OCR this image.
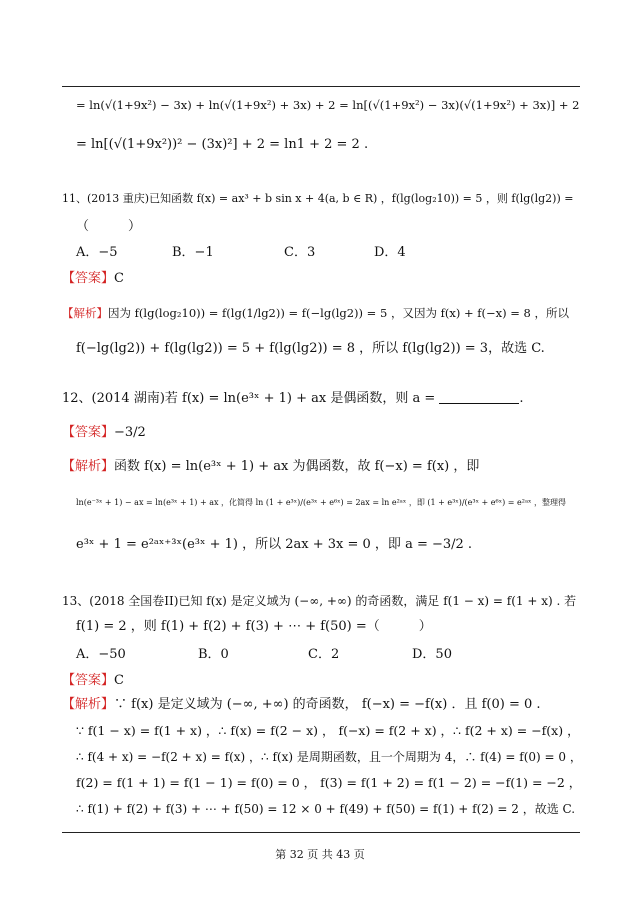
= ln(√(1+9x²) − 3x) + ln(√(1+9x²) + 3x) + 2 = ln[(√(1+9x²) − 3x)(√(1+9x²) + 3x)] + 2
= ln[(√(1+9x²))² − (3x)²] + 2 = ln1 + 2 = 2 .
11、(2013 重庆)已知函数 f(x) = ax³ + b sin x + 4(a, b ∈ R) ，f(lg(log₂10)) = 5 ，则 f(lg(lg2)) =
（　　　）
A．−5	B．−1	C．3	D．4
【答案】C
【解析】因为 f(lg(log₂10)) = f(lg(1/lg2)) = f(−lg(lg2)) = 5 ，又因为 f(x) + f(−x) = 8 ，所以
f(−lg(lg2)) + f(lg(lg2)) = 5 + f(lg(lg2)) = 8 ，所以 f(lg(lg2)) = 3，故选 C.
12、(2014 湖南)若 f(x) = ln(e³ˣ + 1) + ax 是偶函数，则 a =	.
【答案】−3/2
【解析】函数 f(x) = ln(e³ˣ + 1) + ax 为偶函数，故 f(−x) = f(x) ，即
ln(e⁻³ˣ + 1) − ax = ln(e³ˣ + 1) + ax ，化简得 ln (1 + e³ˣ)/(e³ˣ + e⁶ˣ) = 2ax = ln e²ᵃˣ ，即 (1 + e³ˣ)/(e³ˣ + e⁶ˣ) = e²ᵃˣ ，整理得
e³ˣ + 1 = e²ᵃˣ⁺³ˣ(e³ˣ + 1) ，所以 2ax + 3x = 0 ，即 a = −3/2 .
13、(2018 全国卷II)已知 f(x) 是定义域为 (−∞, +∞) 的奇函数，满足 f(1 − x) = f(1 + x) . 若
f(1) = 2 ，则 f(1) + f(2) + f(3) + ⋯ + f(50) =（　　　）
A．−50	B．0	C．2	D．50
【答案】C
【解析】∵ f(x) 是定义域为 (−∞, +∞) 的奇函数， f(−x) = −f(x) ．且 f(0) = 0 .
∵ f(1 − x) = f(1 + x) ，∴ f(x) = f(2 − x) ， f(−x) = f(2 + x) ，∴ f(2 + x) = −f(x) ，
∴ f(4 + x) = −f(2 + x) = f(x) ，∴ f(x) 是周期函数，且一个周期为 4，∴ f(4) = f(0) = 0 ，
f(2) = f(1 + 1) = f(1 − 1) = f(0) = 0 ， f(3) = f(1 + 2) = f(1 − 2) = −f(1) = −2 ，
∴ f(1) + f(2) + f(3) + ⋯ + f(50) = 12 × 0 + f(49) + f(50) = f(1) + f(2) = 2 ，故选 C.
第 32 页 共 43 页
